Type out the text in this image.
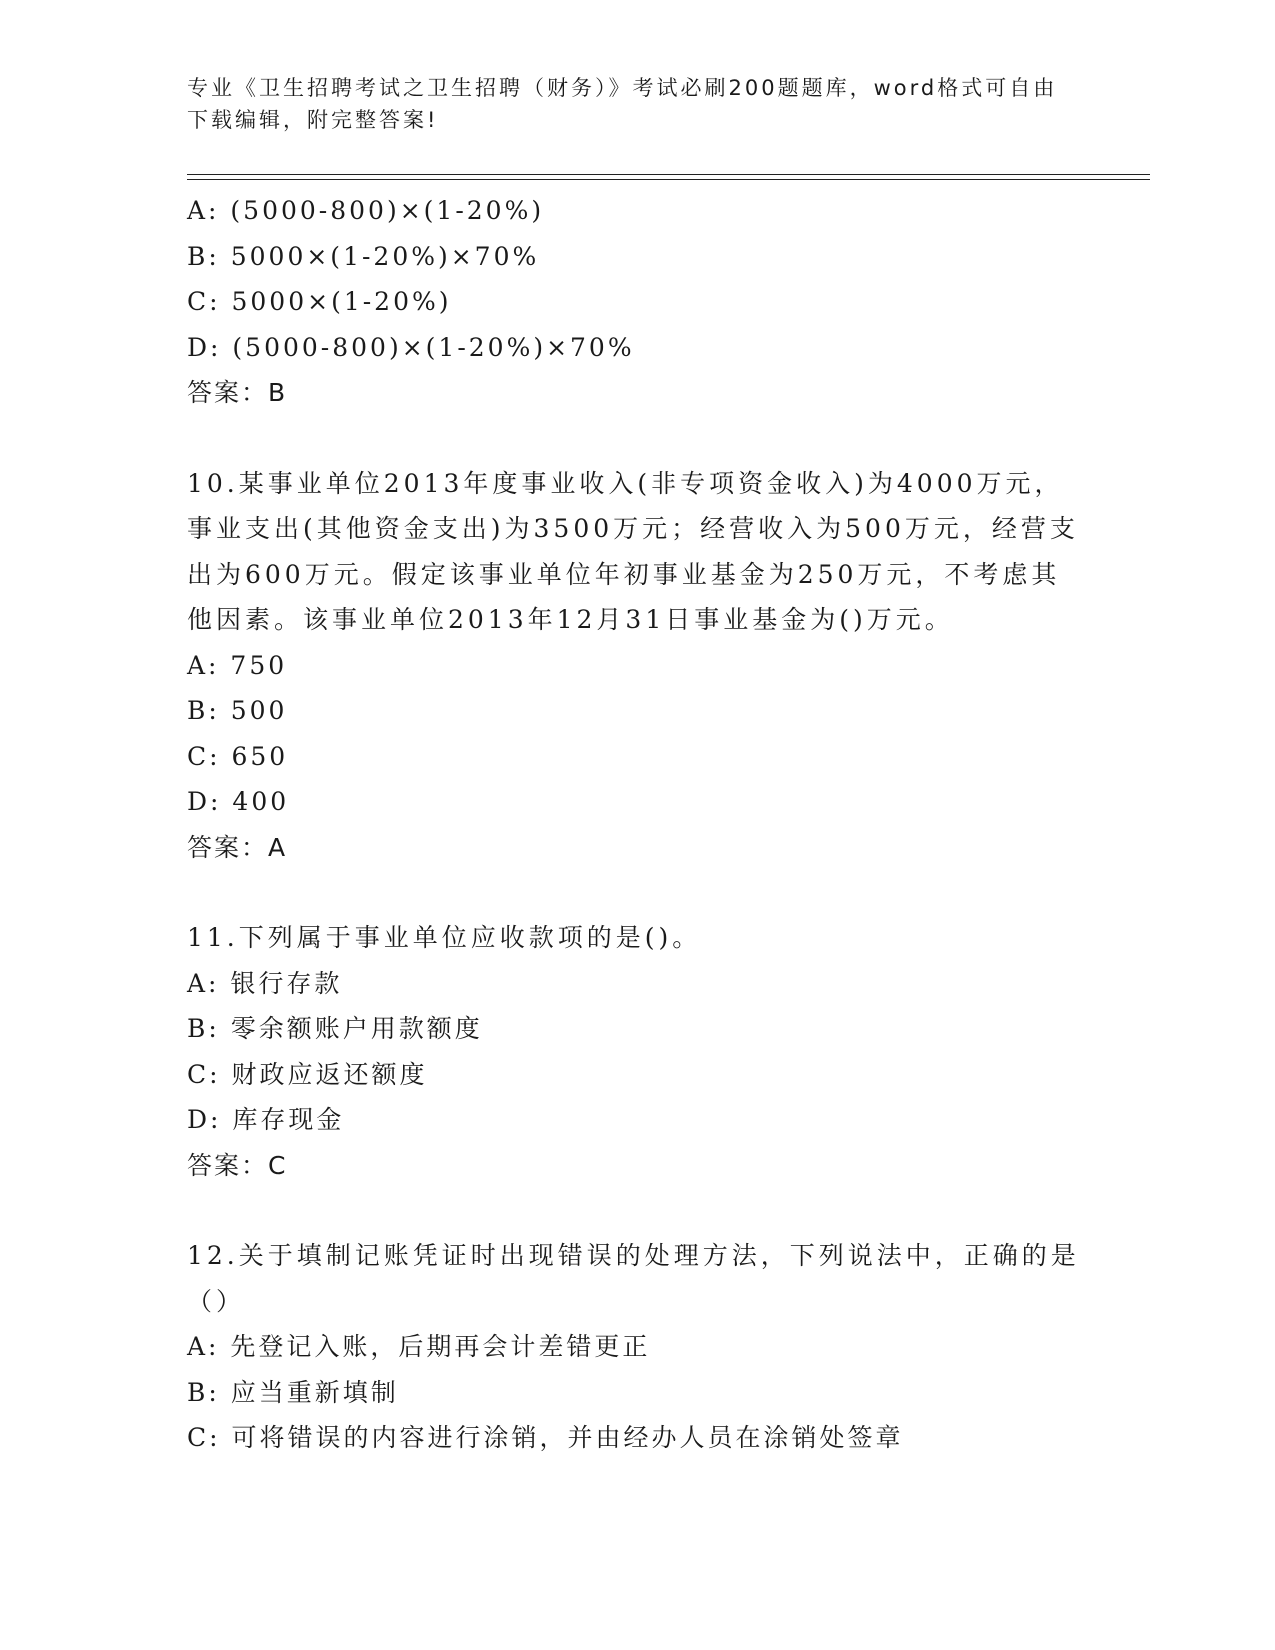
专业《卫生招聘考试之卫生招聘（财务）》考试必刷200题题库，word格式可自由下载编辑，附完整答案!
A: (5000-800)×(1-20%)
B: 5000×(1-20%)×70%
C: 5000×(1-20%)
D: (5000-800)×(1-20%)×70%
答案：B
10.某事业单位2013年度事业收入(非专项资金收入)为4000万元，事业支出(其他资金支出)为3500万元；经营收入为500万元，经营支出为600万元。假定该事业单位年初事业基金为250万元，不考虑其他因素。该事业单位2013年12月31日事业基金为()万元。
A: 750
B: 500
C: 650
D: 400
答案：A
11.下列属于事业单位应收款项的是()。
A: 银行存款
B: 零余额账户用款额度
C: 财政应返还额度
D: 库存现金
答案：C
12.关于填制记账凭证时出现错误的处理方法，下列说法中，正确的是（）
A: 先登记入账，后期再会计差错更正
B: 应当重新填制
C: 可将错误的内容进行涂销，并由经办人员在涂销处签章
